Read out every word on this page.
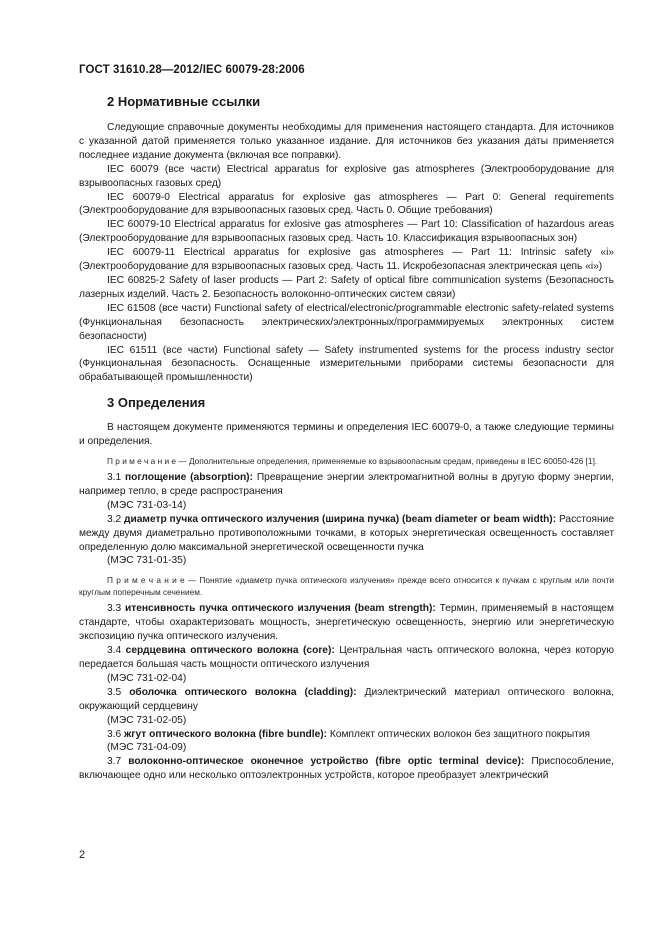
ГОСТ 31610.28—2012/IEC 60079-28:2006
2 Нормативные ссылки

Следующие справочные документы необходимы для применения настоящего стандарта. Для источников с указанной датой применяется только указанное издание. Для источников без указания даты применяется последнее издание документа (включая все поправки).

IEC 60079 (все части) Electrical apparatus for explosive gas atmospheres (Электрооборудование для взрывоопасных газовых сред)

IEC 60079-0 Electrical apparatus for explosive gas atmospheres — Part 0: General requirements (Электрооборудование для взрывоопасных газовых сред. Часть 0. Общие требования)

IEC 60079-10 Electrical apparatus for exlosive gas atmospheres — Part 10: Classification of hazardous areas (Электрооборудование для взрывоопасных газовых сред. Часть 10. Классификация взрывоопасных зон)

IEC 60079-11 Electrical apparatus for explosive gas atmospheres — Part 11: Intrinsic safety «i» (Электрооборудование для взрывоопасных газовых сред. Часть 11. Искробезопасная электрическая цепь «i»)

IEC 60825-2 Safety of laser products — Part 2: Safety of optical fibre communication systems (Безопасность лазерных изделий. Часть 2. Безопасность волоконно-оптических систем связи)

IEC 61508 (все части) Functional safety of electrical/electronic/programmable electronic safety-related systems (Функциональная безопасность электрических/электронных/программируемых электронных систем безопасности)

IEC 61511 (все части) Functional safety — Safety instrumented systems for the process industry sector (Функциональная безопасность. Оснащенные измерительными приборами системы безопасности для обрабатывающей промышленности)

3 Определения

В настоящем документе применяются термины и определения IEC 60079-0, а также следующие термины и определения.

П р и м е ч а н и е — Дополнительные определения, применяемые ко взрывоопасным средам, приведены в IEC 60050-426 [1].

3.1 поглощение (absorption): Превращение энергии электромагнитной волны в другую форму энергии, например тепло, в среде распространения

(МЭС 731-03-14)

3.2 диаметр пучка оптического излучения (ширина пучка) (beam diameter or beam width): Расстояние между двумя диаметрально противоположными точками, в которых энергетическая освещенность составляет определенную долю максимальной энергетической освещенности пучка

(МЭС 731-01-35)

П р и м е ч а н и е — Понятие «диаметр пучка оптического излучения» прежде всего относится к пучкам с круглым или почти круглым поперечным сечением.

3.3 итенсивность пучка оптического излучения (beam strength): Термин, применяемый в настоящем стандарте, чтобы охарактеризовать мощность, энергетическую освещенность, энергию или энергетическую экспозицию пучка оптического излучения.

3.4 сердцевина оптического волокна (core): Центральная часть оптического волокна, через которую передается большая часть мощности оптического излучения

(МЭС 731-02-04)

3.5 оболочка оптического волокна (cladding): Диэлектрический материал оптического волокна, окружающий сердцевину

(МЭС 731-02-05)

3.6 жгут оптического волокна (fibre bundle): Комплект оптических волокон без защитного покрытия

(МЭС 731-04-09)

3.7 волоконно-оптическое оконечное устройство (fibre optic terminal device): Приспособление, включающее одно или несколько оптоэлектронных устройств, которое преобразует электрический

2
